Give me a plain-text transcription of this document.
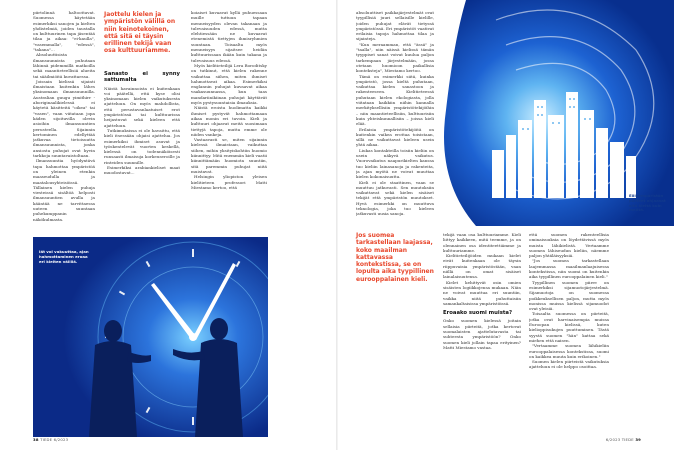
piirtolinnä haltoottavat. Suomessa käytetään esimerkiksi sanojen ja kielten yhdistelmiä, joiden taustalla on kulttuurinen tapa jäsentää tilaa ja aikaa: "ei-kaulla", "vasemmalla", "edessä", "takana"...

Absoluuttisista ilmansuunnista puhutaan lähinnä pidemmillä matkoilla sekä maantieteellisiä alueita tai sääilmiöitä kuvattaessa.

Joissain kielissä sijainti ilmaistaan kuitenkin lähes yksinomaan ilmansuunnilla. Australian guugu yimithirr -aboriginaalikielessä ei käytetä käsitteitä "oikea" tai "vasen", vaan viitataan jopa käden sijoituvilla olevin asioihin ilmansuuntien perusteella. Sijainnin kertominen edellyttää jatkuvaa tietoisuutta ilmansuunnista, jonka ansiosta puhujat ovat hyvin tarkkoja suuntavaistoltaan.

Ilmansuuntia hyödyntävä tapa hahmottaa ympäristöä on yleinen etenkin maaseudulla ja maatalousyhteisöissä. Tällainen kielen puhuja viesteissä sisältöä helposti ilmansuuntien avulla ja kääntää ne tarvittaessa uuteen suuntaan puhekumppanin näkökulmasta.

Jaottelu kielen ja ympäristön välillä on niin keinotekoinen, että sitä ei täysin erillinen tekijä vaan osa kulttuuriamme.
Sanasto ei synny sattumalta

Näistä havainnoista ei kuitenkaan voi päätellä, että kyse olisi yksinomaan kielen vaikutuksesta ajatteluun. On myös mahdollista, että perustavanlaatuiset erot ympäristössä tai kulttuurissa heijastuvat sekä kieleen että ajatteluun.

Tutkimuksissa ei ole havaittu, että kieli itsessään ohjaisi ajattelua. Jos esimerkiksi ihmiset asuvat ja työskentelevät vuorten keskellä, kielessä on todennäköisesti runsaasti ilmaisuja korkeuseroille ja rinteiden suunnille.

Esimerkiksi arabiankieliset maat muodostavat...

koiaiset kuvaavat kyllä puhuessaan muille tuttuun tapaan menneisyyden olevan takanaan ja tulevaisuuden edessä, mutta elehtiessään ne kuvaavat etenemistä tiettyjen ihmisryhmien suuntaan. Toisaalta myös menneisyys sijaitsee heidän kulttuurissaan ikään kuin takana ja tulevaisuus edessä.

Myös kielitieteilijä Lera Boroditsky on tutkinut, että kielen rakenne vaikuttaa siihen, miten ihmiset hahmottavat aikaa. Esimerkiksi englannin puhujat kuvaavat aikaa vaakasuunnassa, kun taas mandariinikiinan puhujat käyttävät myös pystysuuntaisia ilmauksia.

Näistä eroista huolimatta kaikki ihmiset pystyvät hahmottamaan aikaa monin eri tavoin. Kieli ja kulttuuri ohjaavat meitä suosimaan tiettyjä tapoja, mutta emme ole niiden vankeja.

Vastaavasti se, miten sijainnin kielessä ilmaistaan, vaikuttaa siihen, mihin yksityiskohtiin huomio kiinnittyy. Mitä enemmän kieli vaatii kiinnittämään huomiota suuntiin, sitä paremmin puhujat niitä muistavat.

Helsingin yliopiston yleisen kielitieteen professori Matti Miestamo kertoo, että

Iät voi vakuuttaa, ajan hahmottaminen eroaa eri kielten välillä.
38 TIEDE 6/2023

absoluuttiset paikkajärjestelmät ovat tyypillisiä juuri sellaisille kielille, joiden puhujat elävät tietyssä ympäristössä. Eri ympäristöt vaativat erilaisia tapoja hahmottaa tilaa ja sijainteja.

"Kun meraamman, että "ässä" ja "taalla", niin näissä kielissä tämän tyyppiset sanat voivat kuulua paljon tarkempaan järjestelmään, jossa otetaan huomioon paikallisia konteksteja", Miestamo kertoo.

Tämä on esimerkki siitä, kuinka ympäristö, jossa kieltä puhutaan, vaikuttaa kielen sanastoon ja rakenteeseen. Kielitieteessä puhutaan kielen ekologiasta, jolla viitataan kaikkiin niihin kannalla merkityksellisiin ympäristötekijöihin – niin maantieteellisiin, kulttuurisiin kuin yhteiskunnallisiin – joissa kieli elää.

Erilaisia ympäristötekijöitä on kuitenkin vaikea erottaa toisistaan, sillä ne vaikuttavat kieleen usein yhtä aikaa.

Liukas kontakteilla toisiin kieliin on usein näkyvä vaikutus. Vuorovaikutus naapurikielten kanssa tuo kieliin lainasanoja ja rakenteita, ja ajan myötä ne voivat muuttaa kielen kokonaisuutta.

Kieli ei ole staattinen, vaan se muuttuu jatkuvasti. Sen muutoksiin vaikuttavat sekä kielen sisäiset tekijät että ympäristön muutokset. Hyvä esimerkki on muuttuva teknologia, joka tuo kieleen jatkuvasti uusia sanoja.

Ellinympäristön piirteet ohjaavat sitä kieltä kuin meiltä.
Jos suomea tarkastellaan laajassa, koko maailman kattavassa kontekstissa, se on lopulta aika tyypillinen eurooppalainen kieli.

tekijä vaan osa kulttuuriamme. Kieli liittyy kaikkeen, mitä teemme, ja on olennainen osa identiteettiämme ja kulttuuriamme.

Kielitieteilijöiden mukaan kielet eivät kuitenkaan ole täysin riippuvaisia ympäristöstään, vaan niillä on omat sisäiset lainalaisuutensa.

Kielet kehittyvät osin omien sisäisten logiikkojensa mukaan. Näin ne voivat muuttua eri suuntiin, vaikka niitä puhuttaisiin samankaltaisissa ympäristöissä.

Eroaako suomi muista?

Onko suomen kielessä joitain sellaisia piirteitä, jotka kertovat suomalaisten ajattelutavasta tai suhteesta ympäristöön? Onko suomen kieli jollain tapaa erityinen? Matti Miestamo vastaa.

että suomen rakenteellisia ominaisuuksia on löydettävissä myös muista lähikielistä. Vertaamme suomea lähiseudun kieliin, näemme paljon yhtäläisyyksiä.

"Jos suomea tarkastellaan laajemmassa maailmanlaajuisessa kontekstissa, niin suomi on kuitenkin aika tyypillinen eurooppalainen kieli."

Tyypillinen suomen piirre on esimerkiksi sijamuotojärjestelmä. Sijamuotoja on suomessa poikkeuksellisen paljon, mutta myös monissa muissa kielissä sijamuodot ovat yleisiä.

Toisaalta suomessa on piirteitä, jotka ovat harvinaisempia muissa Euroopan kielissä, kuten kielioppisukujen puuttuminen. Tästä syystä suomen "hän" kattaa sekä miehen että naisen.

"Vertaamme suomea lähikieliin eurooppalaisessa kontekstissa, suomi on kaikkea muuta kuin erikoinen."

Suomen kielen piirteistä vaikutuksia ajatteluun ei ole helppo osoittaa.

6/2023 TIEDE 39
